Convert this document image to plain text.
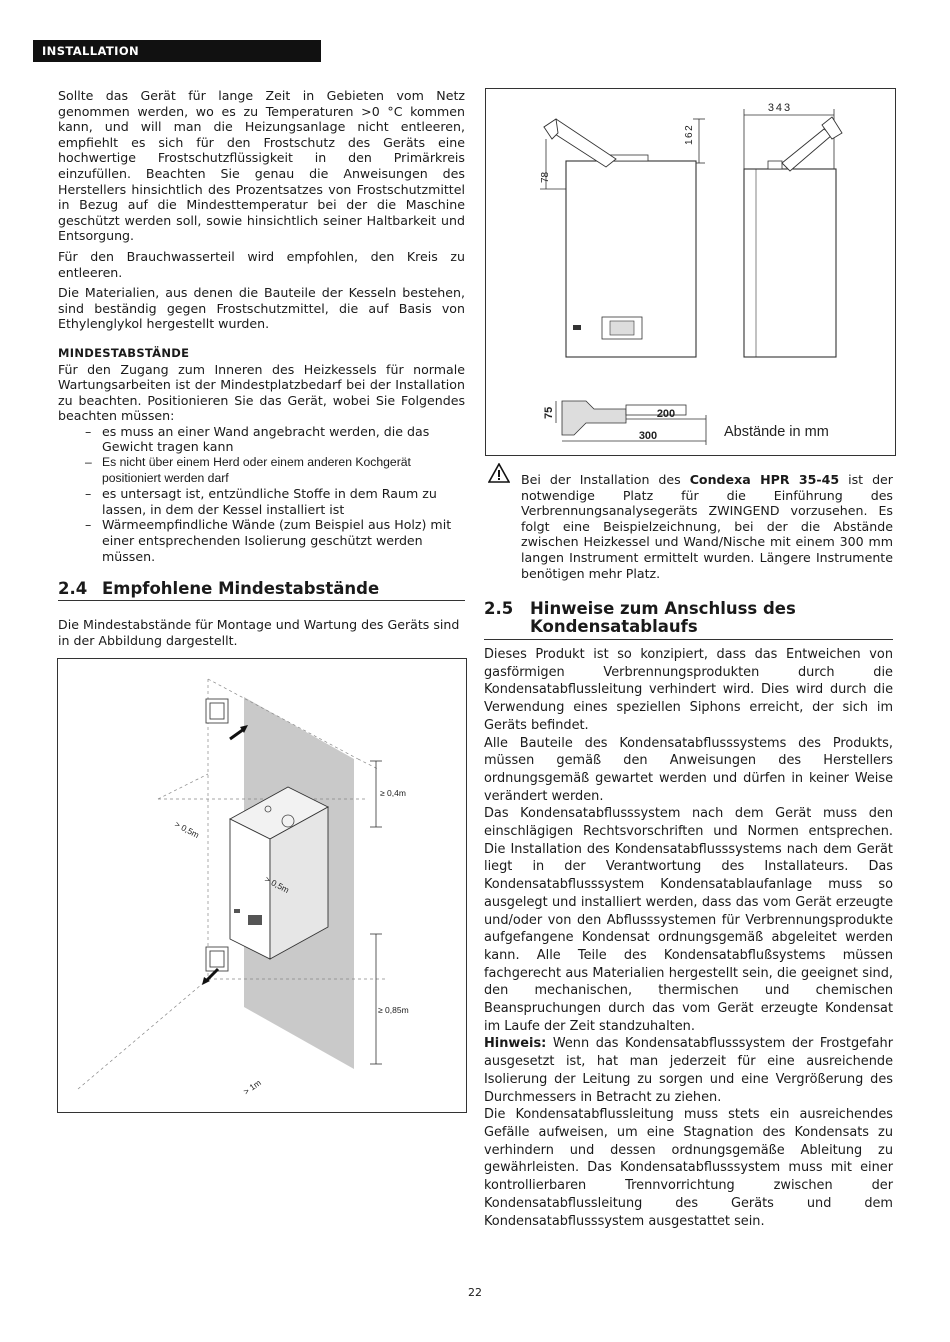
INSTALLATION

Sollte das Gerät für lange Zeit in Gebieten vom Netz genommen werden, wo es zu Temperaturen >0 °C kommen kann, und will man die Heizungsanlage nicht entleeren, empfiehlt es sich für den Frostschutz des Geräts eine hochwertige Frostschutzflüssigkeit in den Primärkreis einzufüllen. Beachten Sie genau die Anweisungen des Herstellers hinsichtlich des Prozentsatzes von Frostschutzmittel in Bezug auf die Mindesttemperatur bei der die Maschine geschützt werden soll, sowie hinsichtlich seiner Haltbarkeit und Entsorgung.

Für den Brauchwasserteil wird empfohlen, den Kreis zu entleeren.

Die Materialien, aus denen die Bauteile der Kesseln bestehen, sind beständig gegen Frostschutzmittel, die auf Basis von Ethylenglykol hergestellt wurden.

MINDESTABSTÄNDE

Für den Zugang zum Inneren des Heizkessels für normale Wartungsarbeiten ist der Mindestplatzbedarf bei der Installation zu beachten. Positionieren Sie das Gerät, wobei Sie Folgendes beachten müssen:

– es muss an einer Wand angebracht werden, die das Gewicht tragen kann
– Es nicht über einem Herd oder einem anderen Kochgerät positioniert werden darf
– es untersagt ist, entzündliche Stoffe in dem Raum zu lassen, in dem der Kessel installiert ist
– Wärmeempfindliche Wände (zum Beispiel aus Holz) mit einer entsprechenden Isolierung geschützt werden müssen.
2.4 Empfohlene Mindestabstände

Die Mindestabstände für Montage und Wartung des Geräts sind in der Abbildung dargestellt.

≥ 0,4m
> 0,5m
> 0,5m
≥ 0,85m
> 1m
343
162
78
75	200
300	Abstände in mm

Bei der Installation des Condexa HPR 35-45 ist der notwendige Platz für die Einführung des Verbrennungsanalysegeräts ZWINGEND vorzusehen. Es folgt eine Beispielzeichnung, bei der die Abstände zwischen Heizkessel und Wand/Nische mit einem 300 mm langen Instrument ermittelt wurden. Längere Instrumente benötigen mehr Platz.

2.5 Hinweise zum Anschluss des
Kondensatablaufs

Dieses Produkt ist so konzipiert, dass das Entweichen von gasförmigen Verbrennungsprodukten durch die Kondensatabflussleitung verhindert wird. Dies wird durch die Verwendung eines speziellen Siphons erreicht, der sich im Geräts befindet.

Alle Bauteile des Kondensatabflusssystems des Produkts, müssen gemäß den Anweisungen des Herstellers ordnungsgemäß gewartet werden und dürfen in keiner Weise verändert werden.

Das Kondensatabflusssystem nach dem Gerät muss den einschlägigen Rechtsvorschriften und Normen entsprechen. Die Installation des Kondensatabflusssystems nach dem Gerät liegt in der Verantwortung des Installateurs. Das Kondensatabflusssystem Kondensatablaufanlage muss so ausgelegt und installiert werden, dass das vom Gerät erzeugte und/oder von den Abflusssystemen für Verbrennungsprodukte aufgefangene Kondensat ordnungsgemäß abgeleitet werden kann. Alle Teile des Kondensatabflußsystems müssen fachgerecht aus Materialien hergestellt sein, die geeignet sind, den mechanischen, thermischen und chemischen Beanspruchungen durch das vom Gerät erzeugte Kondensat im Laufe der Zeit standzuhalten.

Hinweis: Wenn das Kondensatabflusssystem der Frostgefahr ausgesetzt ist, hat man jederzeit für eine ausreichende Isolierung der Leitung zu sorgen und eine Vergrößerung des Durchmessers in Betracht zu ziehen.

Die Kondensatabflussleitung muss stets ein ausreichendes Gefälle aufweisen, um eine Stagnation des Kondensats zu verhindern und dessen ordnungsgemäße Ableitung zu gewährleisten. Das Kondensatabflusssystem muss mit einer kontrollierbaren Trennvorrichtung zwischen der Kondensatabflussleitung des Geräts und dem Kondensatabflusssystem ausgestattet sein.

22
